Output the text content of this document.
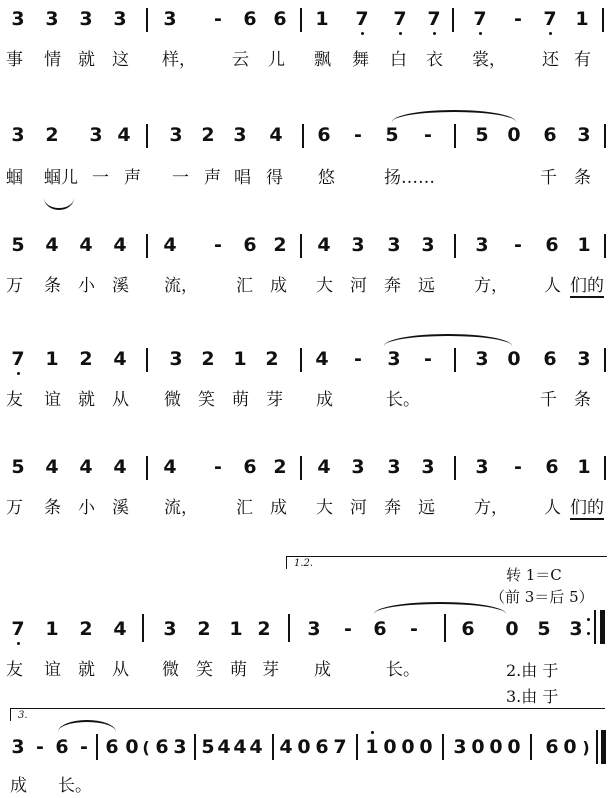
3 3 3 3 3	-	6 6 1 7 7 7 7	-	7 1
事 情 就 这 样， 云 儿 飘 舞 白 衣 裳， 还 有
3 2 3 4 3 2 3 4 6	-	5	-	5 0 6 3
蝈 蝈儿 一 声 一 声 唱 得 悠	扬……	千 条
5 4 4 4 4	-	6 2 4 3 3 3 3	-	6 1
万 条 小 溪 流， 汇 成 大 河 奔 远 方， 人 们的
7 1 2 4 3 2 1 2 4	-	3	-	3 0 6 3
友 谊 就 从 微 笑 萌 芽 成	长。	千 条
5 4 4 4 4	-	6 2 4 3 3 3 3	-	6 1
万 条 小 溪 流， 汇 成 大 河 奔 远 方， 人 们的
1.2.
转 1＝C
（前 3＝后 5）
7 1 2 4 3 2 1 2 3	-	6	-	6 0 5 3
友 谊 就 从 微 笑 萌 芽 成	长。	2.由 于
3.由 于
3.
3 - 6 - 6 0 ( 6 3 5 4 4 4 4 0 6 7 1 0 0 0 3 0 0 0 6 0 )
成 长。
